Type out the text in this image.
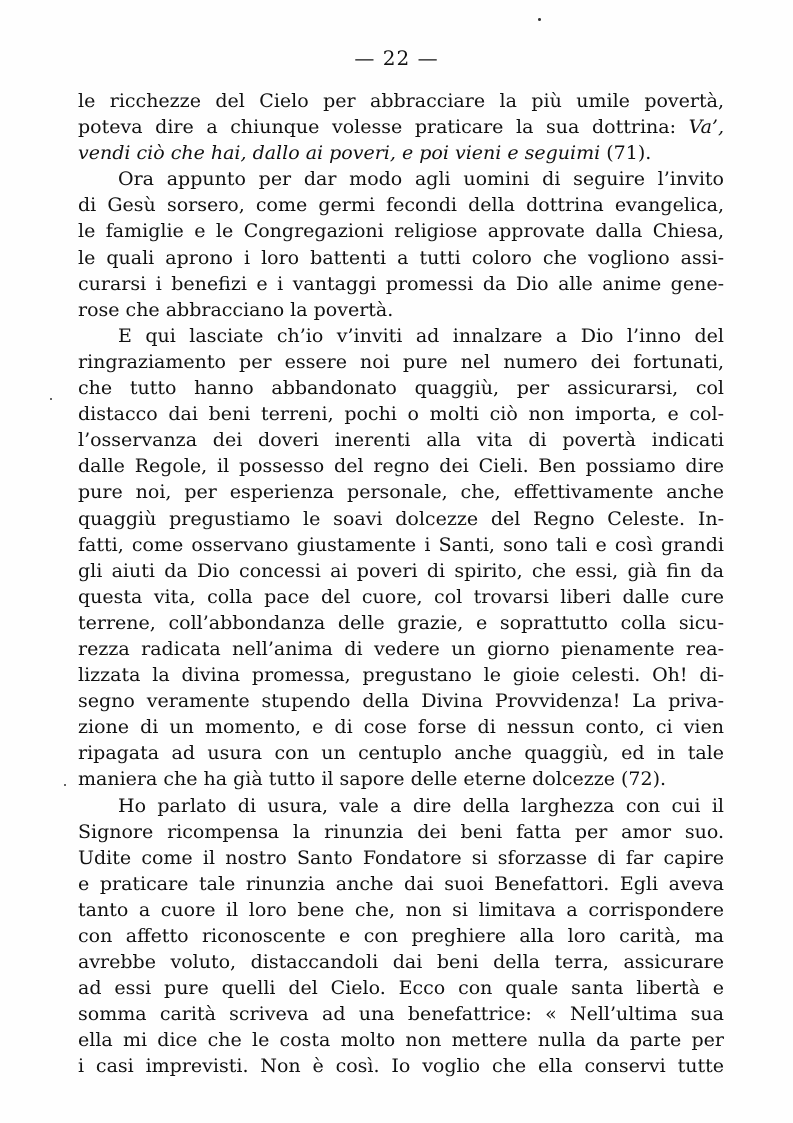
— 22 —
le ricchezze del Cielo per abbracciare la più umile povertà,
poteva dire a chiunque volesse praticare la sua dottrina: Va’,
vendi ciò che hai, dallo ai poveri, e poi vieni e seguimi (71).
Ora appunto per dar modo agli uomini di seguire l’invito
di Gesù sorsero, come germi fecondi della dottrina evangelica,
le famiglie e le Congregazioni religiose approvate dalla Chiesa,
le quali aprono i loro battenti a tutti coloro che vogliono assi-
curarsi i benefizi e i vantaggi promessi da Dio alle anime gene-
rose che abbracciano la povertà.
E qui lasciate ch’io v’inviti ad innalzare a Dio l’inno del
ringraziamento per essere noi pure nel numero dei fortunati,
che tutto hanno abbandonato quaggiù, per assicurarsi, col
distacco dai beni terreni, pochi o molti ciò non importa, e col-
l’osservanza dei doveri inerenti alla vita di povertà indicati
dalle Regole, il possesso del regno dei Cieli. Ben possiamo dire
pure noi, per esperienza personale, che, effettivamente anche
quaggiù pregustiamo le soavi dolcezze del Regno Celeste. In-
fatti, come osservano giustamente i Santi, sono tali e così grandi
gli aiuti da Dio concessi ai poveri di spirito, che essi, già fin da
questa vita, colla pace del cuore, col trovarsi liberi dalle cure
terrene, coll’abbondanza delle grazie, e soprattutto colla sicu-
rezza radicata nell’anima di vedere un giorno pienamente rea-
lizzata la divina promessa, pregustano le gioie celesti. Oh! di-
segno veramente stupendo della Divina Provvidenza! La priva-
zione di un momento, e di cose forse di nessun conto, ci vien
ripagata ad usura con un centuplo anche quaggiù, ed in tale
maniera che ha già tutto il sapore delle eterne dolcezze (72).
Ho parlato di usura, vale a dire della larghezza con cui il
Signore ricompensa la rinunzia dei beni fatta per amor suo.
Udite come il nostro Santo Fondatore si sforzasse di far capire
e praticare tale rinunzia anche dai suoi Benefattori. Egli aveva
tanto a cuore il loro bene che, non si limitava a corrispondere
con affetto riconoscente e con preghiere alla loro carità, ma
avrebbe voluto, distaccandoli dai beni della terra, assicurare
ad essi pure quelli del Cielo. Ecco con quale santa libertà e
somma carità scriveva ad una benefattrice: « Nell’ultima sua
ella mi dice che le costa molto non mettere nulla da parte per
i casi imprevisti. Non è così. Io voglio che ella conservi tutte
